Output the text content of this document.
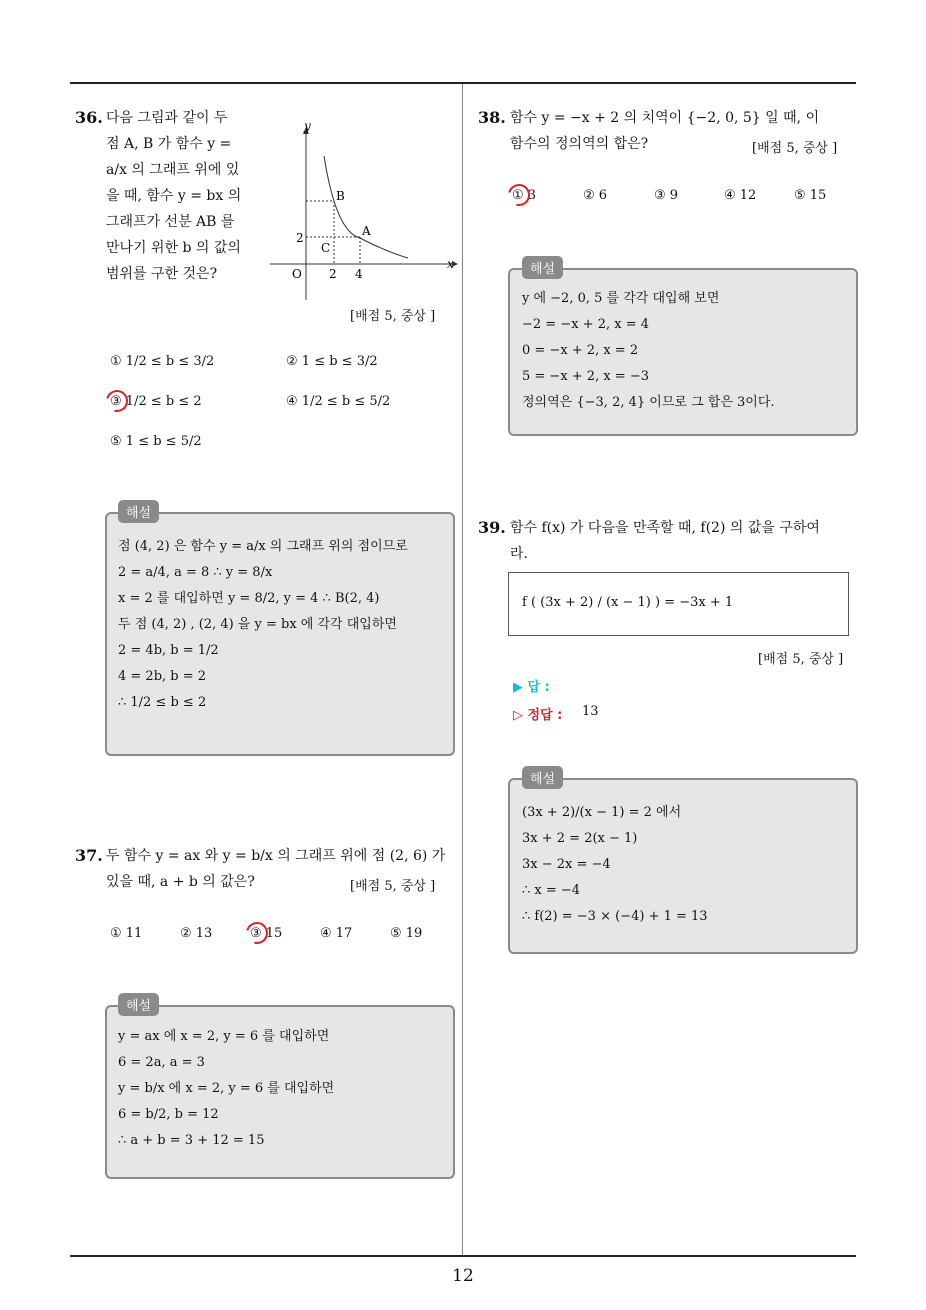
36. 다음 그림과 같이 두
점 A, B 가 함수 y =
a/x 의 그래프 위에 있
을 때, 함수 y = bx 의
그래프가 선분 AB 를
만나기 위한 b 의 값의
범위를 구한 것은?
y
x
O 2 4
2
B
A
C
[배점 5, 중상 ]
① 1/2 ≤ b ≤ 3/2	② 1 ≤ b ≤ 3/2
③ 1/2 ≤ b ≤ 2	④ 1/2 ≤ b ≤ 5/2
⑤ 1 ≤ b ≤ 5/2
해설
점 (4, 2) 은 함수 y = a/x 의 그래프 위의 점이므로
2 = a/4, a = 8 ∴ y = 8/x
x = 2 를 대입하면 y = 8/2, y = 4 ∴ B(2, 4)
두 점 (4, 2) , (2, 4) 을 y = bx 에 각각 대입하면
2 = 4b, b = 1/2
4 = 2b, b = 2
∴ 1/2 ≤ b ≤ 2
37. 두 함수 y = ax 와 y = b/x 의 그래프 위에 점 (2, 6) 가
있을 때, a + b 의 값은?	[배점 5, 중상 ]
① 11	② 13	③ 15	④ 17	⑤ 19
해설
y = ax 에 x = 2, y = 6 를 대입하면
6 = 2a, a = 3
y = b/x 에 x = 2, y = 6 를 대입하면
6 = b/2, b = 12
∴ a + b = 3 + 12 = 15
38. 함수 y = −x + 2 의 치역이 {−2, 0, 5} 일 때, 이
함수의 정의역의 합은?	[배점 5, 중상 ]
① 3	② 6	③ 9	④ 12	⑤ 15
해설
y 에 −2, 0, 5 를 각각 대입해 보면
−2 = −x + 2, x = 4
0 = −x + 2, x = 2
5 = −x + 2, x = −3
정의역은 {−3, 2, 4} 이므로 그 합은 3이다.
39. 함수 f(x) 가 다음을 만족할 때, f(2) 의 값을 구하여
라.
f ( (3x + 2) / (x − 1) ) = −3x + 1
[배점 5, 중상 ]
▶ 답 :
▷ 정답 : 13
해설
(3x + 2)/(x − 1) = 2 에서
3x + 2 = 2(x − 1)
3x − 2x = −4
∴ x = −4
∴ f(2) = −3 × (−4) + 1 = 13
12
